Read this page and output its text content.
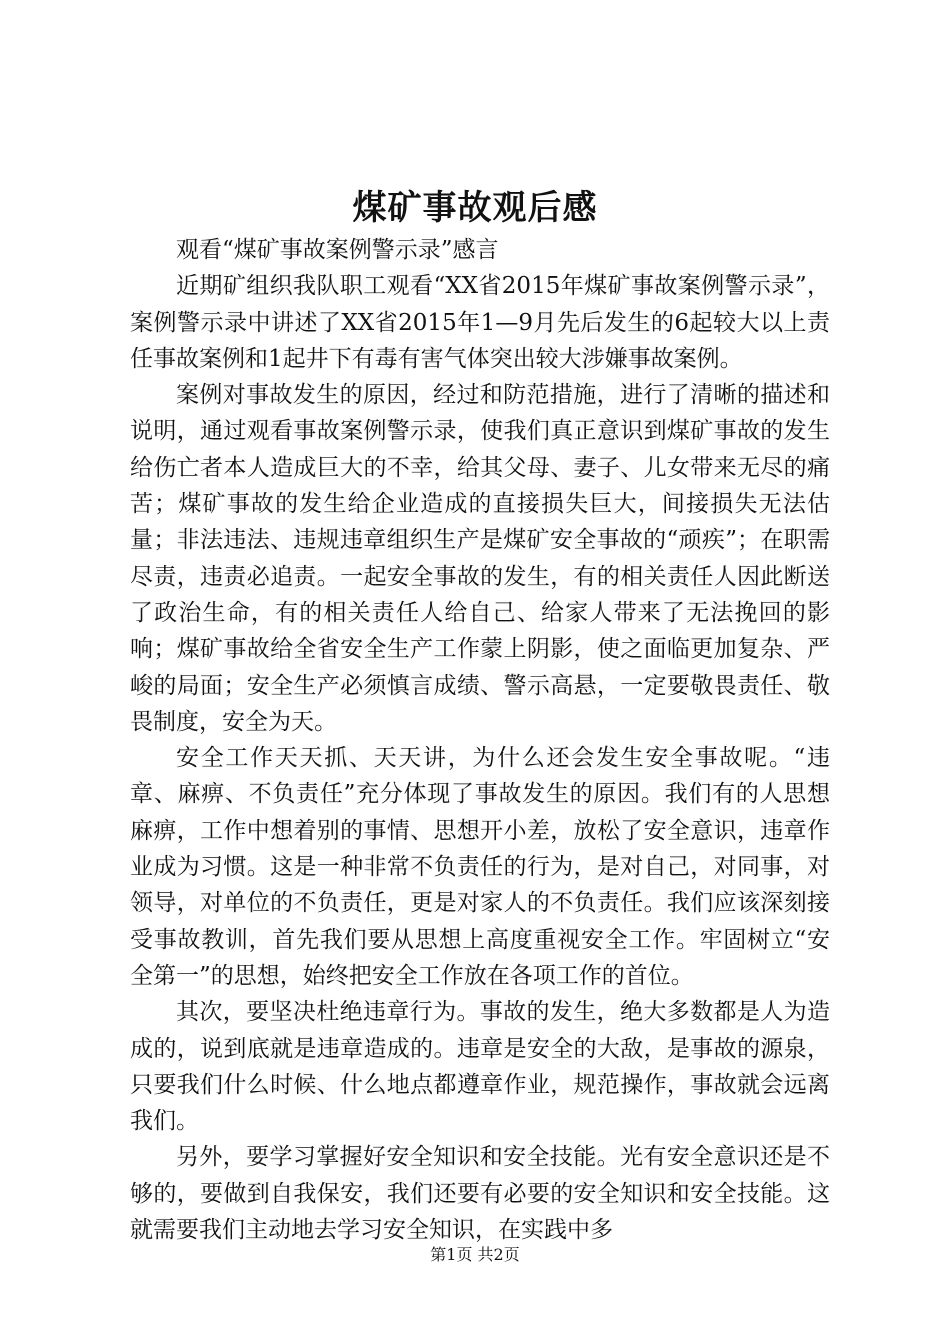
煤矿事故观后感

观看“煤矿事故案例警示录”感言

近期矿组织我队职工观看“XX省2015年煤矿事故案例警示录”，案例警示录中讲述了XX省2015年1—9月先后发生的6起较大以上责任事故案例和1起井下有毒有害气体突出较大涉嫌事故案例。

案例对事故发生的原因，经过和防范措施，进行了清晰的描述和说明，通过观看事故案例警示录，使我们真正意识到煤矿事故的发生给伤亡者本人造成巨大的不幸，给其父母、妻子、儿女带来无尽的痛苦；煤矿事故的发生给企业造成的直接损失巨大，间接损失无法估量；非法违法、违规违章组织生产是煤矿安全事故的“顽疾”；在职需尽责，违责必追责。一起安全事故的发生，有的相关责任人因此断送了政治生命，有的相关责任人给自己、给家人带来了无法挽回的影响；煤矿事故给全省安全生产工作蒙上阴影，使之面临更加复杂、严峻的局面；安全生产必须慎言成绩、警示高悬，一定要敬畏责任、敬畏制度，安全为天。

安全工作天天抓、天天讲，为什么还会发生安全事故呢。“违章、麻痹、不负责任”充分体现了事故发生的原因。我们有的人思想麻痹，工作中想着别的事情、思想开小差，放松了安全意识，违章作业成为习惯。这是一种非常不负责任的行为，是对自己，对同事，对领导，对单位的不负责任，更是对家人的不负责任。我们应该深刻接受事故教训，首先我们要从思想上高度重视安全工作。牢固树立“安全第一”的思想，始终把安全工作放在各项工作的首位。

其次，要坚决杜绝违章行为。事故的发生，绝大多数都是人为造成的，说到底就是违章造成的。违章是安全的大敌，是事故的源泉，只要我们什么时候、什么地点都遵章作业，规范操作，事故就会远离我们。

另外，要学习掌握好安全知识和安全技能。光有安全意识还是不够的，要做到自我保安，我们还要有必要的安全知识和安全技能。这就需要我们主动地去学习安全知识，在实践中多

第1页 共2页
